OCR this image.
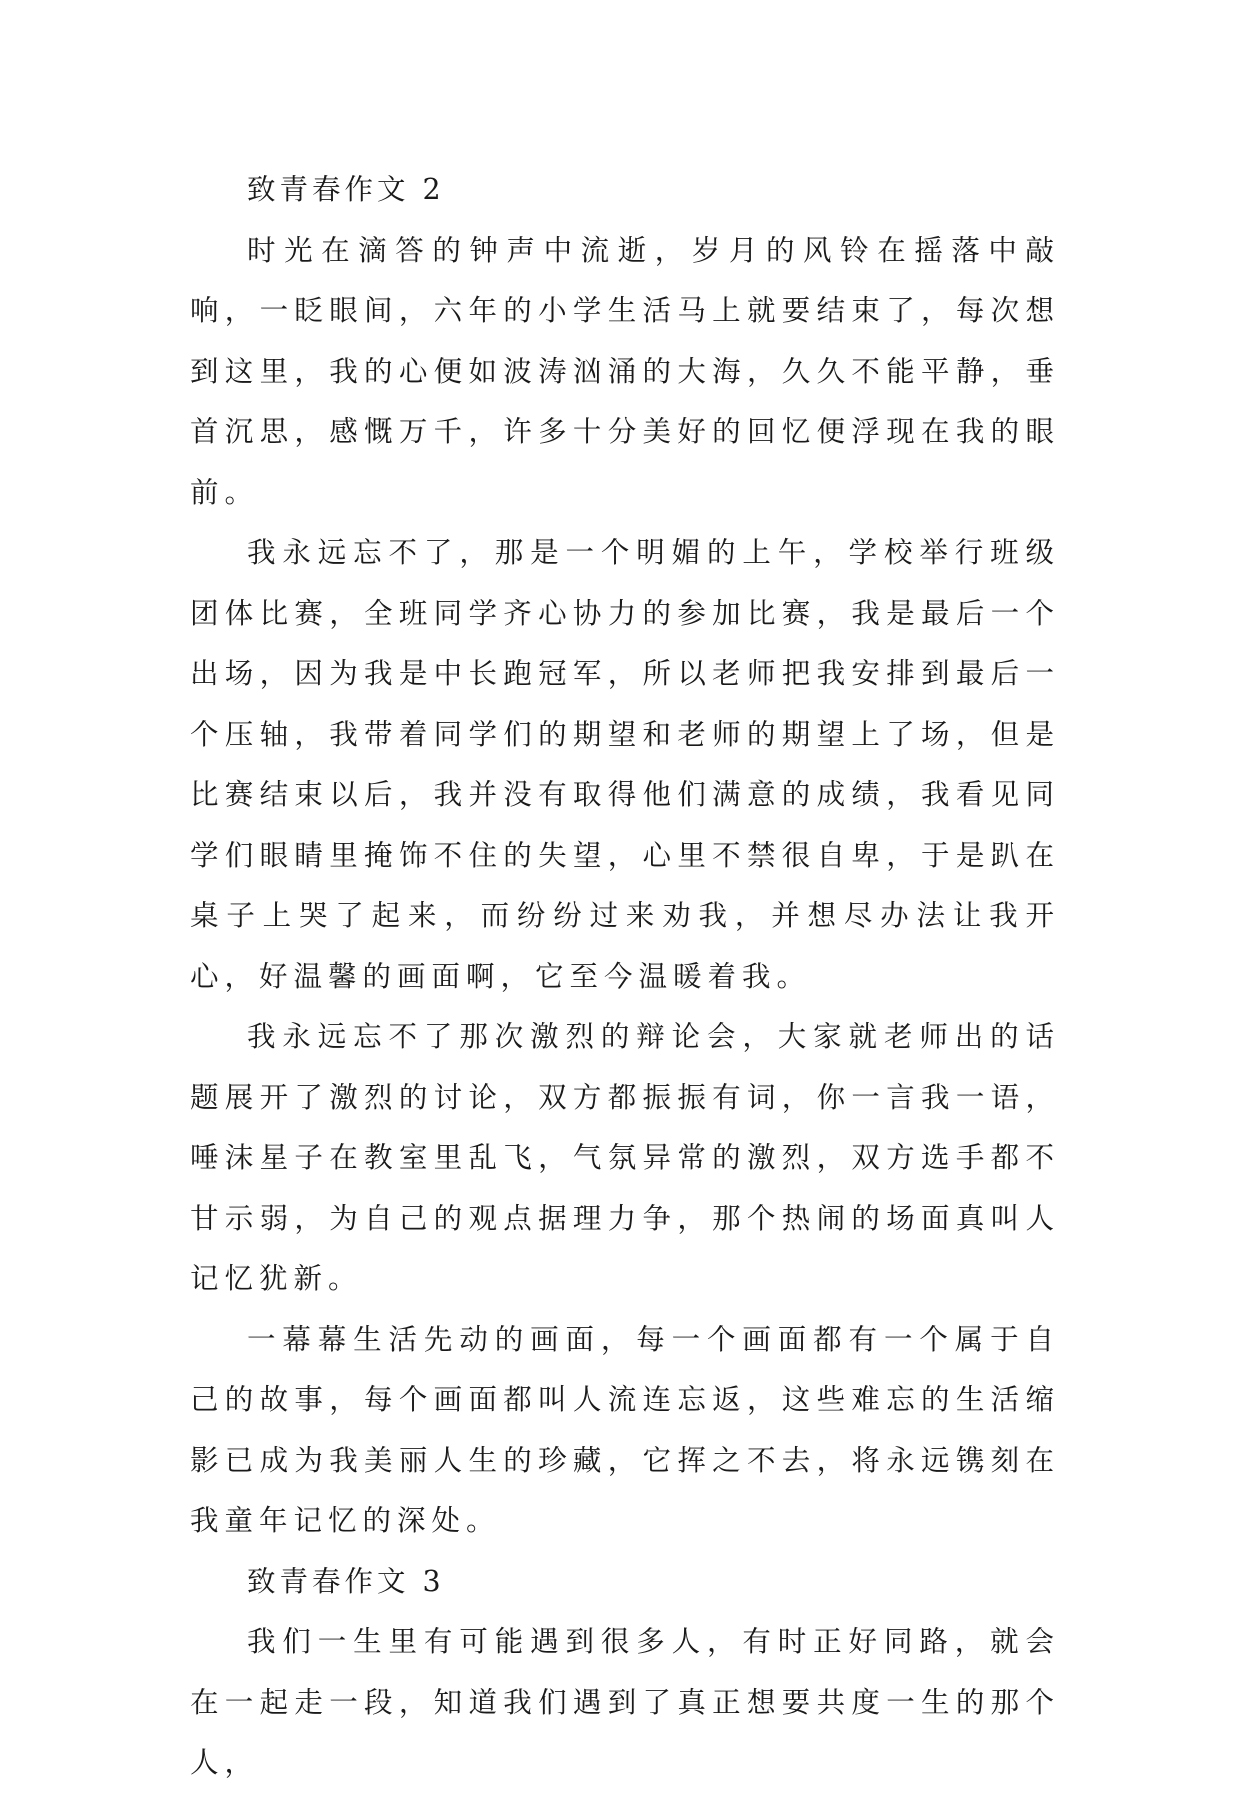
致青春作文 2

时光在滴答的钟声中流逝，岁月的风铃在摇落中敲响，一眨眼间，六年的小学生活马上就要结束了，每次想到这里，我的心便如波涛汹涌的大海，久久不能平静，垂首沉思，感慨万千，许多十分美好的回忆便浮现在我的眼前。

我永远忘不了，那是一个明媚的上午，学校举行班级团体比赛，全班同学齐心协力的参加比赛，我是最后一个出场，因为我是中长跑冠军，所以老师把我安排到最后一个压轴，我带着同学们的期望和老师的期望上了场，但是比赛结束以后，我并没有取得他们满意的成绩，我看见同学们眼睛里掩饰不住的失望，心里不禁很自卑，于是趴在桌子上哭了起来，而纷纷过来劝我，并想尽办法让我开心，好温馨的画面啊，它至今温暖着我。

我永远忘不了那次激烈的辩论会，大家就老师出的话题展开了激烈的讨论，双方都振振有词，你一言我一语，唾沫星子在教室里乱飞，气氛异常的激烈，双方选手都不甘示弱，为自己的观点据理力争，那个热闹的场面真叫人记忆犹新。

一幕幕生活先动的画面，每一个画面都有一个属于自己的故事，每个画面都叫人流连忘返，这些难忘的生活缩影已成为我美丽人生的珍藏，它挥之不去，将永远镌刻在我童年记忆的深处。

致青春作文 3

我们一生里有可能遇到很多人，有时正好同路，就会在一起走一段，知道我们遇到了真正想要共度一生的那个人，
